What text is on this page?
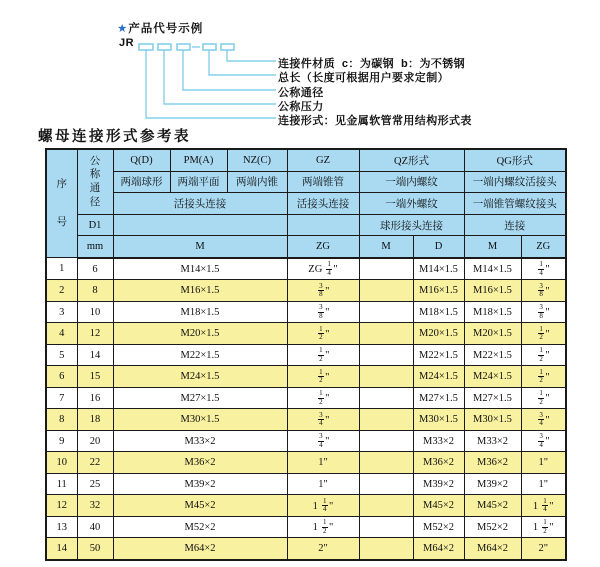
★产品代号示例
JR
连接件材质  c：为碳钢  b：为不锈钢
总长（长度可根据用户要求定制）
公称通径
公称压力
连接形式：见金属软管常用结构形式表
螺母连接形式参考表
序号	公称通径	Q(D)	PM(A)	NZ(C)	GZ	QZ形式		QG形式	
		两端球形	两端平面	两端内锥	两端锥管	一端内螺纹		一端内螺纹活接头	
		活接头连接			活接头连接	一端外螺纹		一端锥管螺纹接头	
	D1					球形接头连接		连接	
	mm	M			ZG	M	D	M	ZG
1	6	M14×1.5			ZG $\frac{1}{4}$ "		M14×1.5	M14×1.5	$\frac{1}{4}$ "
2	8	M16×1.5			$\frac{3}{8}$ "		M16×1.5	M16×1.5	$\frac{3}{8}$ "
3	10	M18×1.5			$\frac{3}{8}$ "		M18×1.5	M18×1.5	$\frac{3}{8}$ "
4	12	M20×1.5			$\frac{1}{2}$ "		M20×1.5	M20×1.5	$\frac{1}{2}$ "
5	14	M22×1.5			$\frac{1}{2}$ "		M22×1.5	M22×1.5	$\frac{1}{2}$ "
6	15	M24×1.5			$\frac{1}{2}$ "		M24×1.5	M24×1.5	$\frac{1}{2}$ "
7	16	M27×1.5			$\frac{1}{2}$ "		M27×1.5	M27×1.5	$\frac{1}{2}$ "
8	18	M30×1.5			$\frac{3}{4}$ "		M30×1.5	M30×1.5	$\frac{3}{4}$ "
9	20	M33×2			$\frac{3}{4}$ "		M33×2	M33×2	$\frac{3}{4}$ "
10	22	M36×2			1"		M36×2	M36×2	1"
11	25	M39×2			1"		M39×2	M39×2	1"
12	32	M45×2			$1 \frac{1}{4}$ "		M45×2	M45×2	$1 \frac{1}{4}$ "
13	40	M52×2			$1 \frac{1}{2}$ "		M52×2	M52×2	$1 \frac{1}{2}$ "
14	50	M64×2			2"		M64×2	M64×2	2"
